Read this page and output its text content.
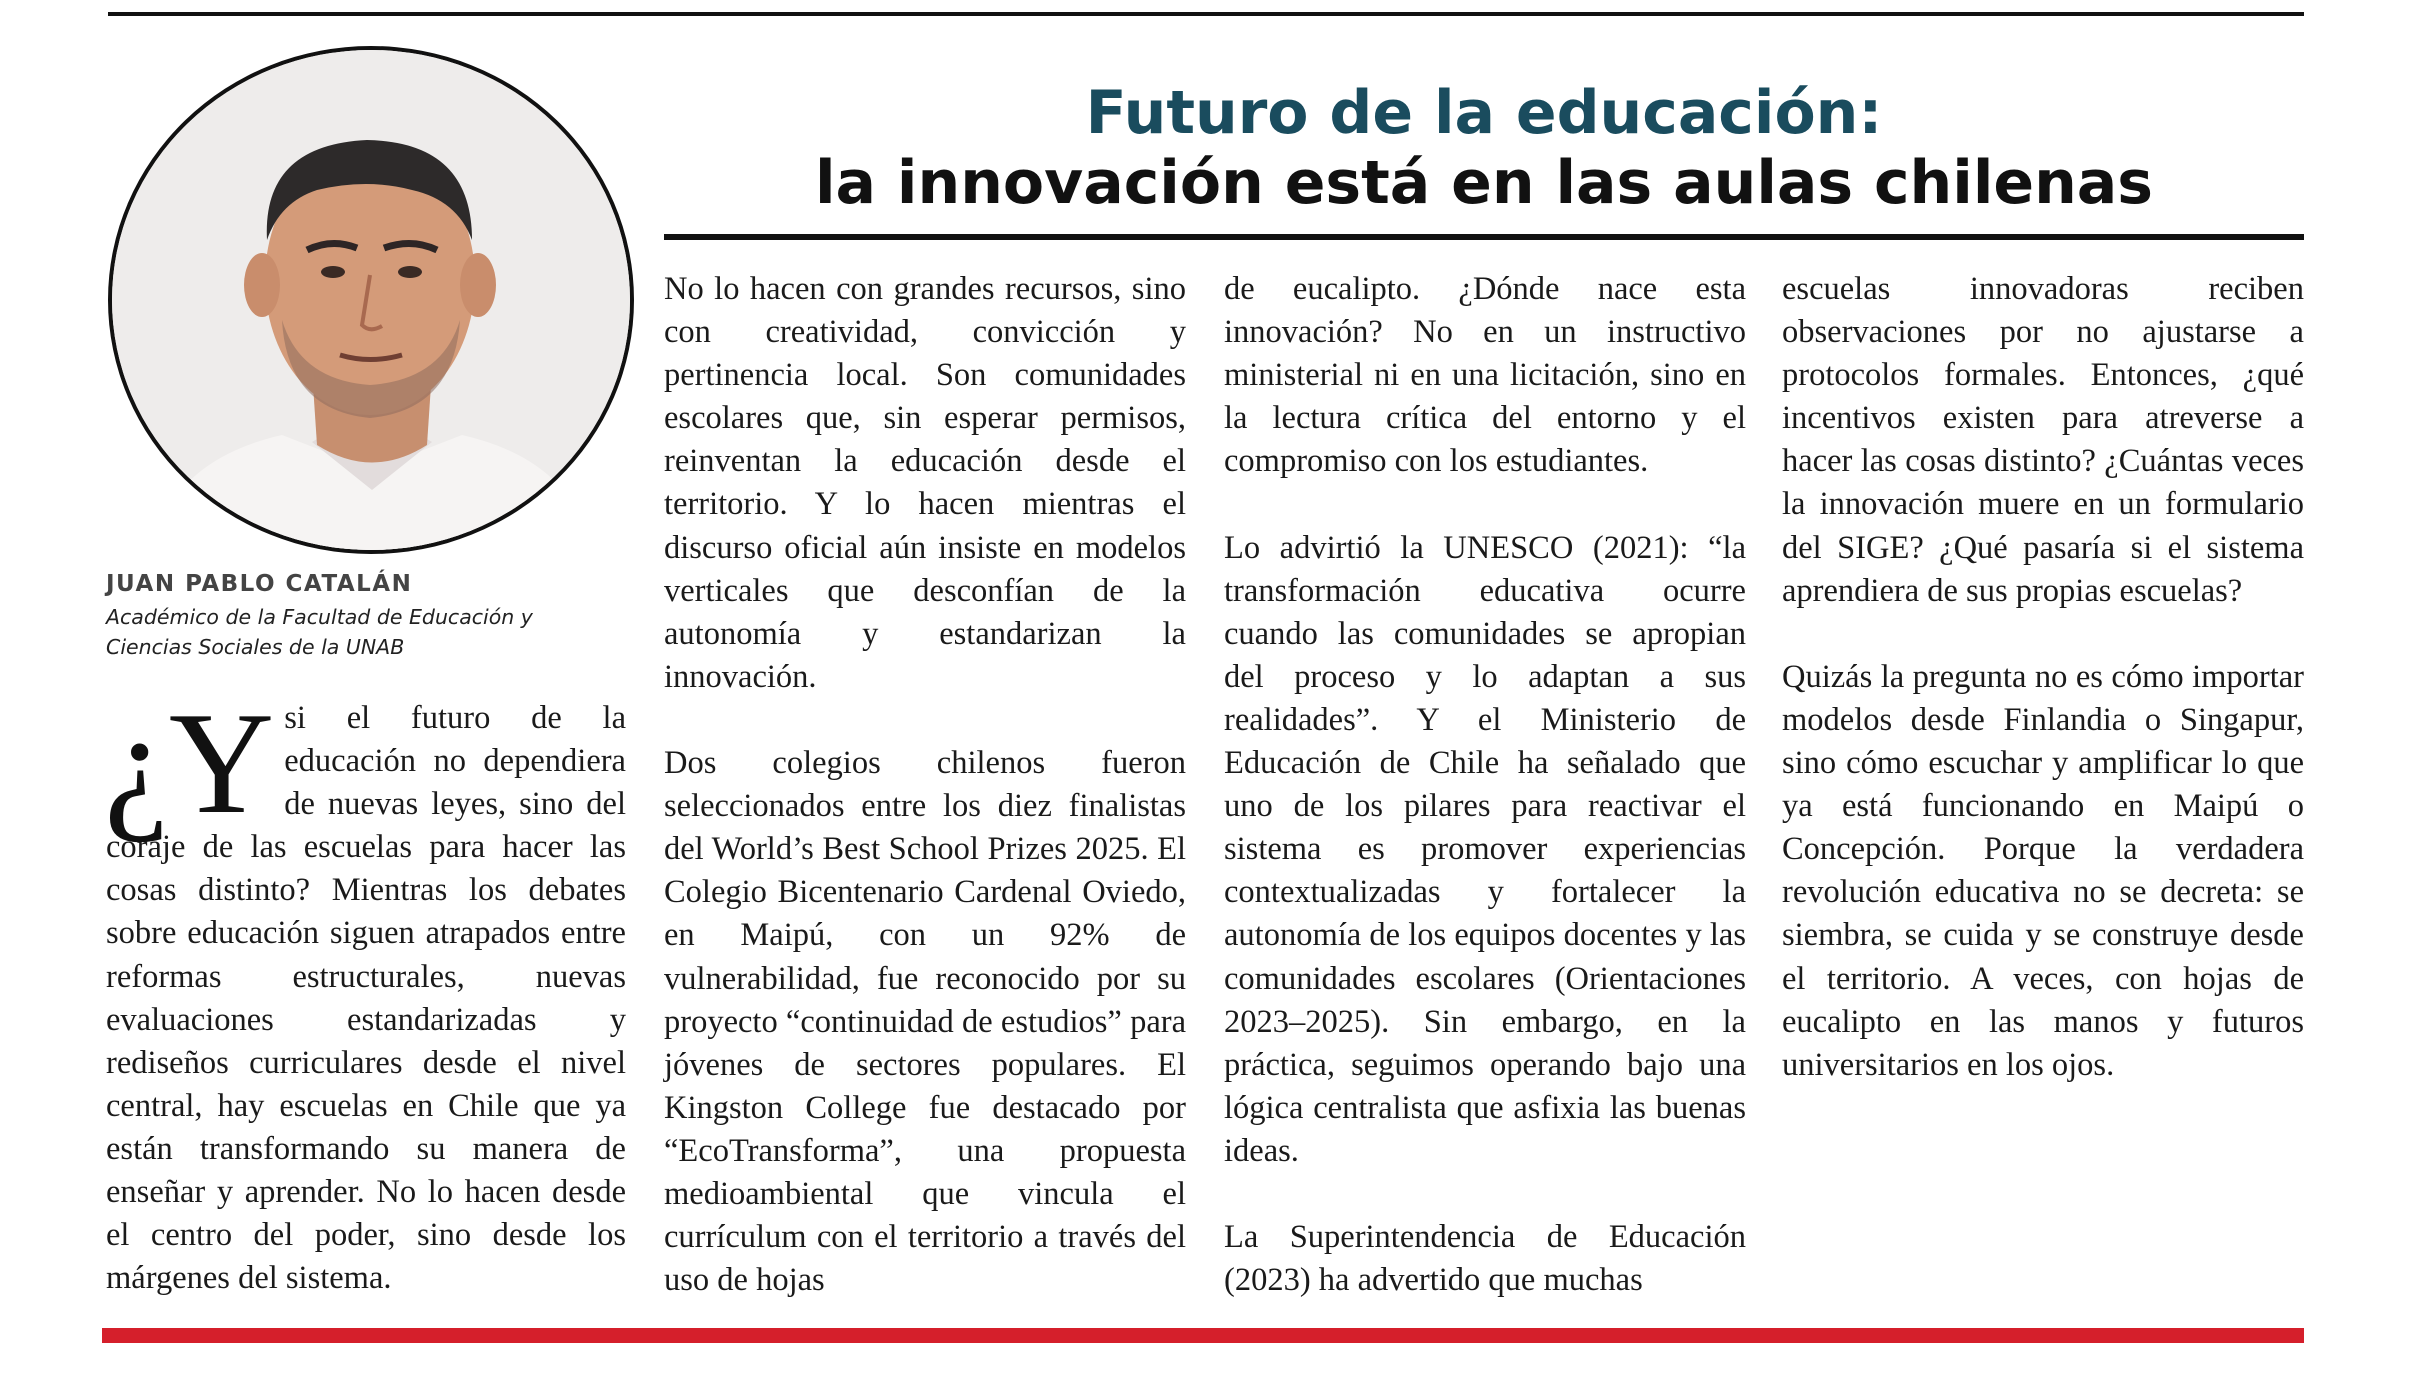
JUAN PABLO CATALÁN
Académico de la Facultad de Educación y
Ciencias Sociales de la UNAB
Futuro de la educación:
la innovación está en las aulas chilenas

¿Y si el futuro de la educación no dependiera de nuevas leyes, sino del coraje de las escuelas para hacer las cosas distinto? Mientras los debates sobre educación siguen atrapados entre reformas estructurales, nuevas evaluaciones estandarizadas y rediseños curriculares desde el nivel central, hay escuelas en Chile que ya están transformando su manera de enseñar y aprender. No lo hacen desde el centro del poder, sino desde los márgenes del sistema.

No lo hacen con grandes recursos, sino con creatividad, convicción y pertinencia local. Son comunidades escolares que, sin esperar permisos, reinventan la educación desde el territorio. Y lo hacen mientras el discurso oficial aún insiste en modelos verticales que desconfían de la autonomía y estandarizan la innovación.

Dos colegios chilenos fueron seleccionados entre los diez finalistas del World’s Best School Prizes 2025. El Colegio Bicentenario Cardenal Oviedo, en Maipú, con un 92% de vulnerabilidad, fue reconocido por su proyecto “continuidad de estudios” para jóvenes de sectores populares. El Kingston College fue destacado por “EcoTransforma”, una propuesta medioambiental que vincula el currículum con el territorio a través del uso de hojas

de eucalipto. ¿Dónde nace esta innovación? No en un instructivo ministerial ni en una licitación, sino en la lectura crítica del entorno y el compromiso con los estudiantes.

Lo advirtió la UNESCO (2021): “la transformación educativa ocurre cuando las comunidades se apropian del proceso y lo adaptan a sus realidades”. Y el Ministerio de Educación de Chile ha señalado que uno de los pilares para reactivar el sistema es promover experiencias contextualizadas y fortalecer la autonomía de los equipos docentes y las comunidades escolares (Orientaciones 2023–2025). Sin embargo, en la práctica, seguimos operando bajo una lógica centralista que asfixia las buenas ideas.

La Superintendencia de Educación (2023) ha advertido que muchas

escuelas innovadoras reciben observaciones por no ajustarse a protocolos formales. Entonces, ¿qué incentivos existen para atreverse a hacer las cosas distinto? ¿Cuántas veces la innovación muere en un formulario del SIGE? ¿Qué pasaría si el sistema aprendiera de sus propias escuelas?

Quizás la pregunta no es cómo importar modelos desde Finlandia o Singapur, sino cómo escuchar y amplificar lo que ya está funcionando en Maipú o Concepción. Porque la verdadera revolución educativa no se decreta: se siembra, se cuida y se construye desde el territorio. A veces, con hojas de eucalipto en las manos y futuros universitarios en los ojos.
